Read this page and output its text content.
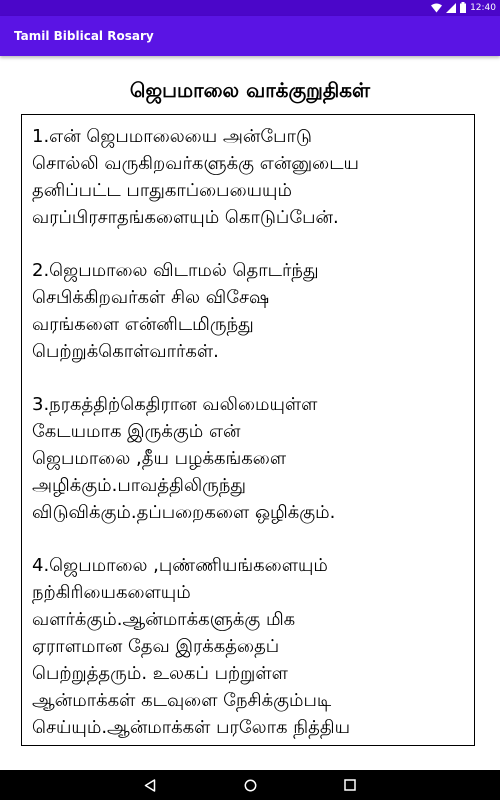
12:40
Tamil Biblical Rosary
ஜெபமாலை வாக்குறுதிகள்

1.என் ஜெபமாலையை அன்போடு
சொல்லி வருகிறவர்களுக்கு என்னுடைய
தனிப்பட்ட பாதுகாப்பையையும்
வரப்பிரசாதங்களையும் கொடுப்பேன்.

2.ஜெபமாலை விடாமல் தொடர்ந்து
செபிக்கிறவர்கள் சில விசேஷ
வரங்களை என்னிடமிருந்து
பெற்றுக்கொள்வார்கள்.

3.நரகத்திற்கெதிரான வலிமையுள்ள
கேடயமாக இருக்கும் என்
ஜெபமாலை ,தீய பழக்கங்களை
அழிக்கும்.பாவத்திலிருந்து
விடுவிக்கும்.தப்பறைகளை ஒழிக்கும்.

4.ஜெபமாலை ,புண்ணியங்களையும்
நற்கிரியைகளையும்
வளர்க்கும்.ஆன்மாக்களுக்கு மிக
ஏராளமான தேவ இரக்கத்தைப்
பெற்றுத்தரும். உலகப் பற்றுள்ள
ஆன்மாக்கள் கடவுளை நேசிக்கும்படி
செய்யும்.ஆன்மாக்கள் பரலோக நித்திய
